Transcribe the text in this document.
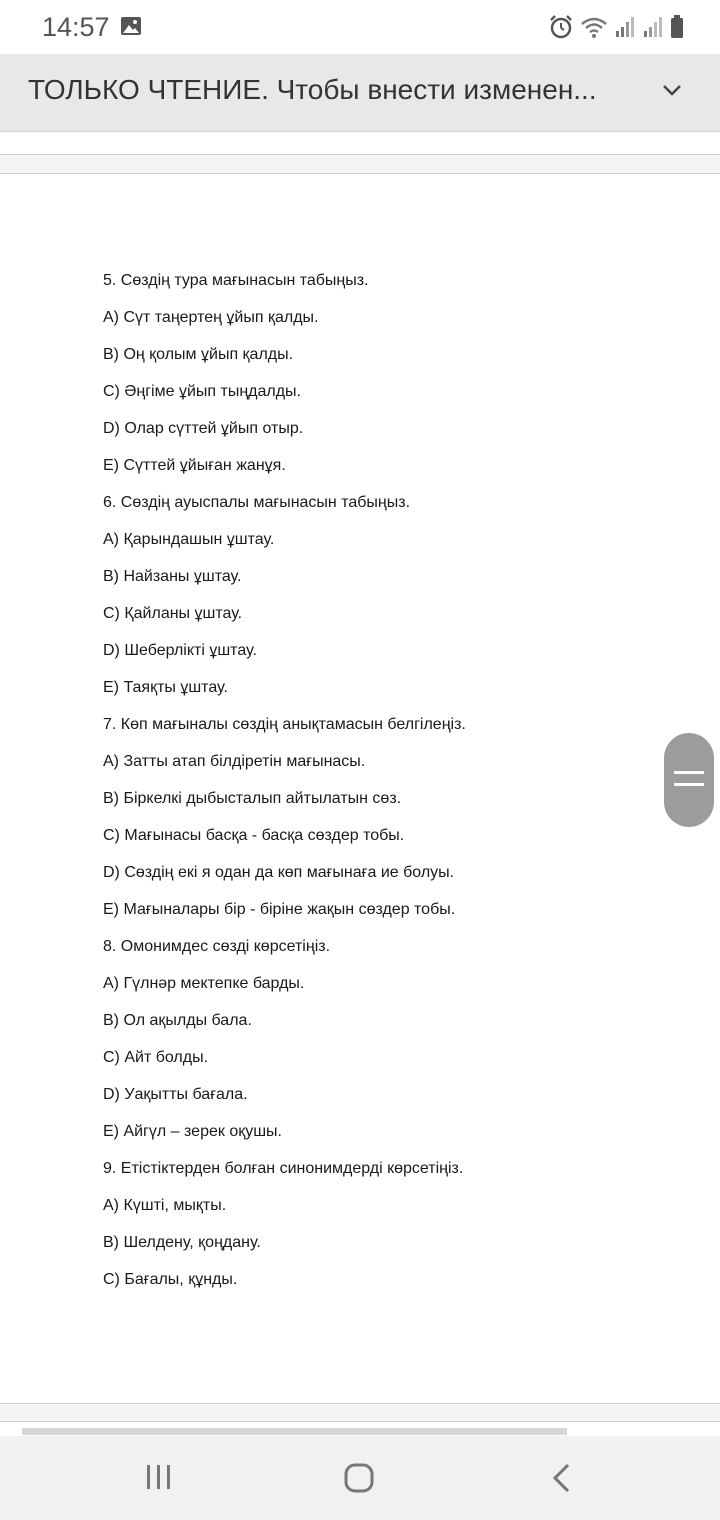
14:57
ТОЛЬКО ЧТЕНИЕ. Чтобы внести изменен...
5. Сөздің тура мағынасын табыңыз.
A) Сүт таңертең ұйып қалды.
B) Оң қолым ұйып қалды.
C) Әңгіме ұйып тыңдалды.
D) Олар сүттей ұйып отыр.
E) Сүттей ұйыған жанұя.
6. Сөздің ауыспалы мағынасын табыңыз.
A) Қарындашын ұштау.
B) Найзаны ұштау.
C) Қайланы ұштау.
D) Шеберлікті ұштау.
E) Таяқты ұштау.
7. Көп мағыналы сөздің анықтамасын белгілеңіз.
A) Затты атап білдіретін мағынасы.
B) Біркелкі дыбысталып айтылатын сөз.
C) Мағынасы басқа - басқа сөздер тобы.
D) Сөздің екі я одан да көп мағынаға ие болуы.
E) Мағыналары бір - біріне жақын сөздер тобы.
8. Омонимдес сөзді көрсетіңіз.
A) Гүлнәр мектепке барды.
B) Ол ақылды бала.
C) Айт болды.
D) Уақытты бағала.
E) Айгүл – зерек оқушы.
9. Етістіктерден болған синонимдерді көрсетіңіз.
A) Күшті, мықты.
B) Шелдену, қоңдану.
C) Бағалы, құнды.
